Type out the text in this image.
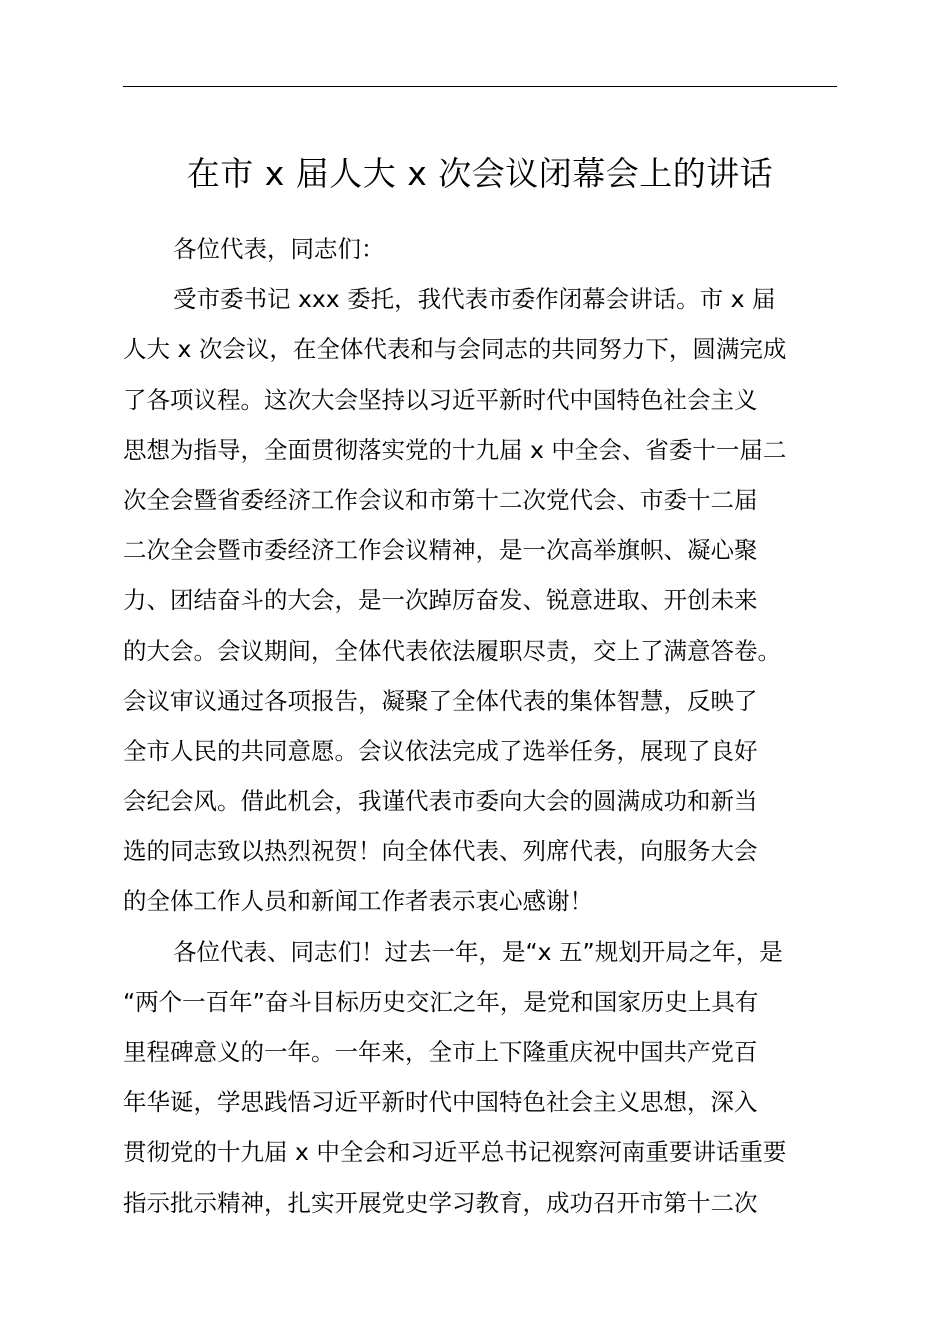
在市 x 届人大 x 次会议闭幕会上的讲话
各位代表，同志们：
受市委书记 xxx 委托，我代表市委作闭幕会讲话。市 x 届
人大 x 次会议，在全体代表和与会同志的共同努力下，圆满完成
了各项议程。这次大会坚持以习近平新时代中国特色社会主义
思想为指导，全面贯彻落实党的十九届 x 中全会、省委十一届二
次全会暨省委经济工作会议和市第十二次党代会、市委十二届
二次全会暨市委经济工作会议精神，是一次高举旗帜、凝心聚
力、团结奋斗的大会，是一次踔厉奋发、锐意进取、开创未来
的大会。会议期间，全体代表依法履职尽责，交上了满意答卷。
会议审议通过各项报告，凝聚了全体代表的集体智慧，反映了
全市人民的共同意愿。会议依法完成了选举任务，展现了良好
会纪会风。借此机会，我谨代表市委向大会的圆满成功和新当
选的同志致以热烈祝贺！向全体代表、列席代表，向服务大会
的全体工作人员和新闻工作者表示衷心感谢！
各位代表、同志们！过去一年，是“x 五”规划开局之年，是
“两个一百年”奋斗目标历史交汇之年，是党和国家历史上具有
里程碑意义的一年。一年来，全市上下隆重庆祝中国共产党百
年华诞，学思践悟习近平新时代中国特色社会主义思想，深入
贯彻党的十九届 x 中全会和习近平总书记视察河南重要讲话重要
指示批示精神，扎实开展党史学习教育，成功召开市第十二次
